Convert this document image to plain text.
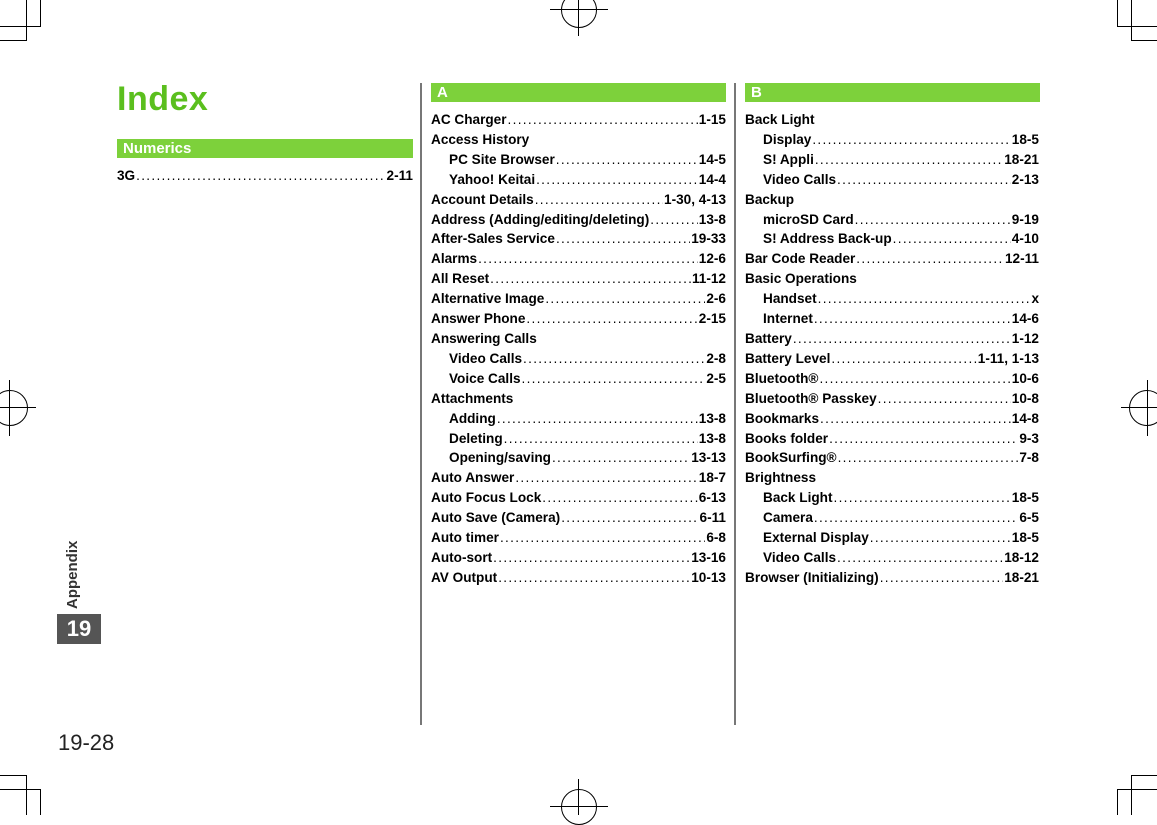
Index
Numerics
3G .....	2-11
A
AC Charger .....	1-15
Access History
PC Site Browser .....	14-5
Yahoo! Keitai .....	14-4
Account Details .....	1-30, 4-13
Address (Adding/editing/deleting) .....	13-8
After-Sales Service .....	19-33
Alarms .....	12-6
All Reset .....	11-12
Alternative Image .....	2-6
Answer Phone .....	2-15
Answering Calls
Video Calls .....	2-8
Voice Calls .....	2-5
Attachments
Adding .....	13-8
Deleting .....	13-8
Opening/saving .....	13-13
Auto Answer .....	18-7
Auto Focus Lock .....	6-13
Auto Save (Camera) .....	6-11
Auto timer .....	6-8
Auto-sort .....	13-16
AV Output .....	10-13
B
Back Light
Display .....	18-5
S! Appli .....	18-21
Video Calls .....	2-13
Backup
microSD Card .....	9-19
S! Address Back-up .....	4-10
Bar Code Reader .....	12-11
Basic Operations
Handset .....	x
Internet .....	14-6
Battery .....	1-12
Battery Level .....	1-11, 1-13
Bluetooth® .....	10-6
Bluetooth® Passkey .....	10-8
Bookmarks .....	14-8
Books folder .....	9-3
BookSurfing® .....	7-8
Brightness
Back Light .....	18-5
Camera .....	6-5
External Display .....	18-5
Video Calls .....	18-12
Browser (Initializing) .....	18-21
Appendix
19
19-28
